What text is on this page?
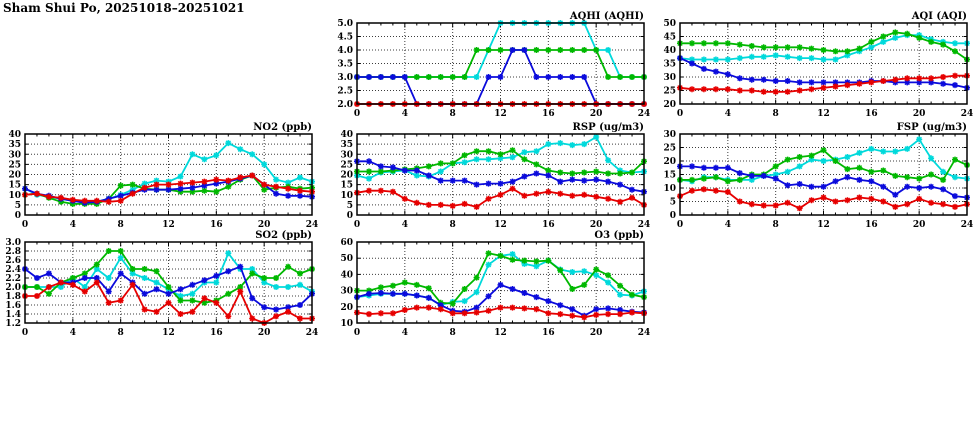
Sham Shui Po, 20251018–20251021
2.0
2.5
3.0
3.5
4.0
4.5
5.0
0	4	8	12	16	20	24
AQHI (AQHI)
20
25
30
35
40
45
50
0	4	8	12	16	20	24
AQI (AQI)
0
5
10
15
20
25
30
35
40
0	4	8	12	16	20	24
NO2 (ppb)
0
5
10
15
20
25
30
35
40
0	4	8	12	16	20	24
RSP (ug/m3)
0
5
10
15
20
25
30
0	4	8	12	16	20	24
FSP (ug/m3)
1.2
1.4
1.6
1.8
2.0
2.2
2.4
2.6
2.8
3.0
0	4	8	12	16	20	24
SO2 (ppb)
10
20
30
40
50
60
0	4	8	12	16	20	24
O3 (ppb)
